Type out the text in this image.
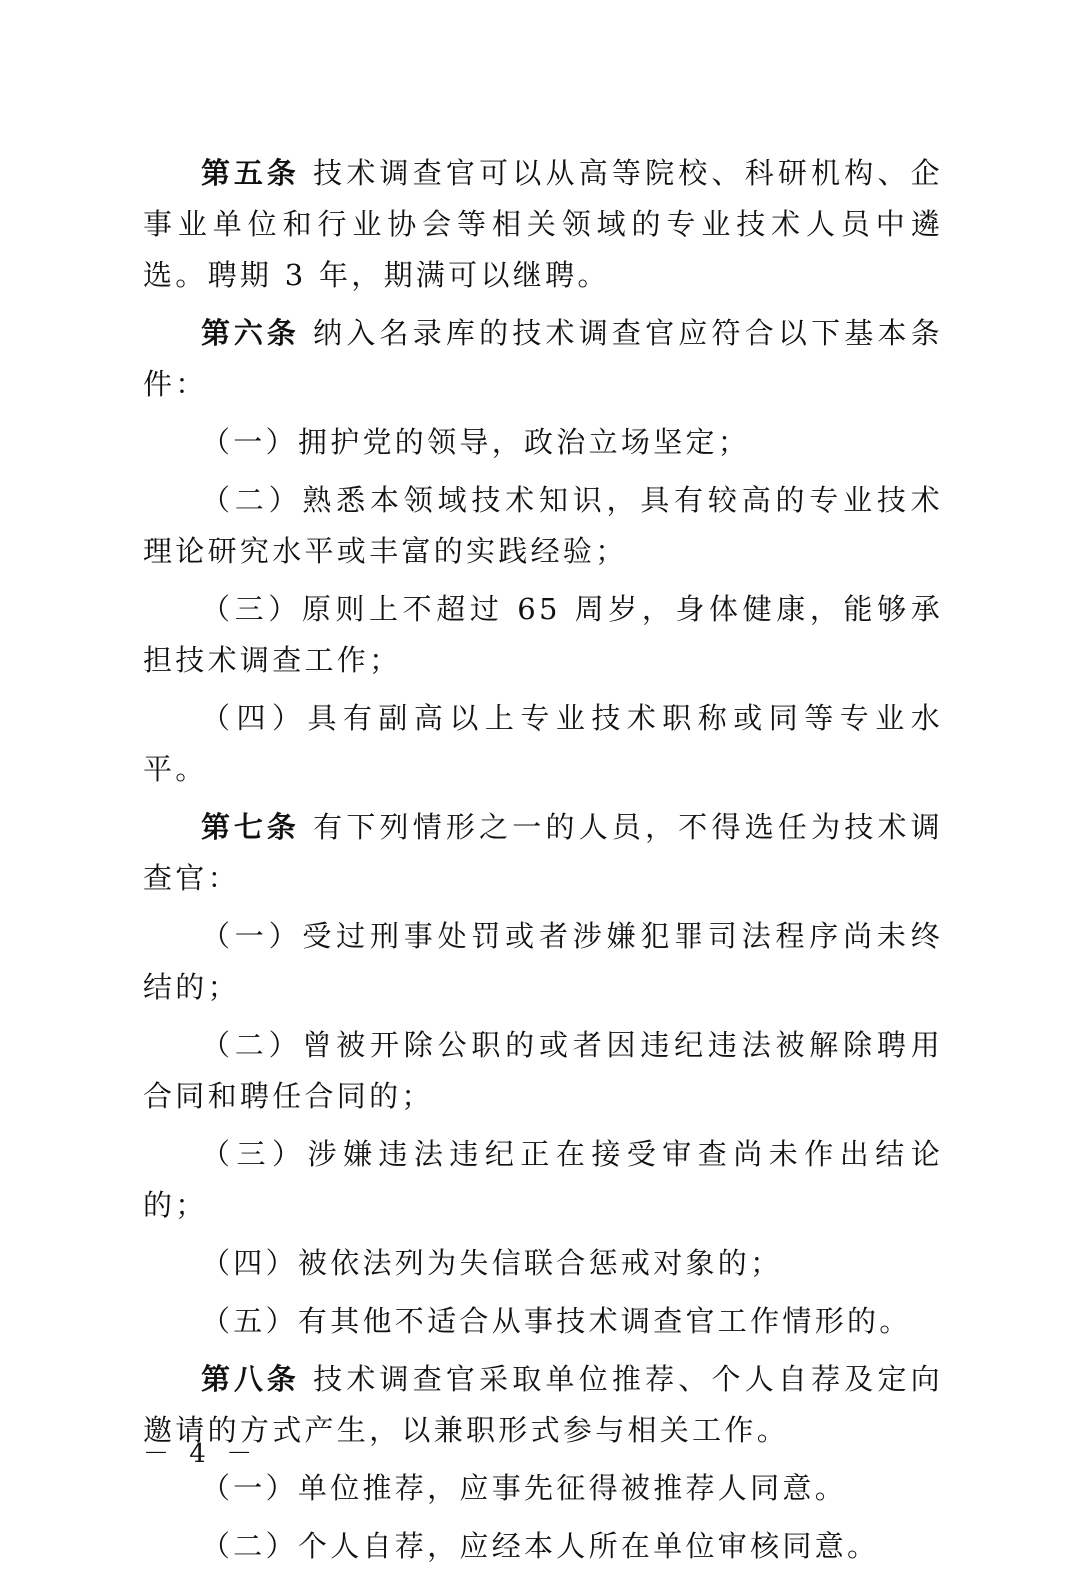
第五条 技术调查官可以从高等院校、科研机构、企事业单位和行业协会等相关领域的专业技术人员中遴选。聘期 3 年，期满可以继聘。

第六条 纳入名录库的技术调查官应符合以下基本条件：

（一）拥护党的领导，政治立场坚定；

（二）熟悉本领域技术知识，具有较高的专业技术理论研究水平或丰富的实践经验；

（三）原则上不超过 65 周岁，身体健康，能够承担技术调查工作；

（四）具有副高以上专业技术职称或同等专业水平。

第七条 有下列情形之一的人员，不得选任为技术调查官：

（一）受过刑事处罚或者涉嫌犯罪司法程序尚未终结的；

（二）曾被开除公职的或者因违纪违法被解除聘用合同和聘任合同的；

（三）涉嫌违法违纪正在接受审查尚未作出结论的；

（四）被依法列为失信联合惩戒对象的；

（五）有其他不适合从事技术调查官工作情形的。

第八条 技术调查官采取单位推荐、个人自荐及定向邀请的方式产生，以兼职形式参与相关工作。

（一）单位推荐，应事先征得被推荐人同意。

（二）个人自荐，应经本人所在单位审核同意。

－ 4 －
